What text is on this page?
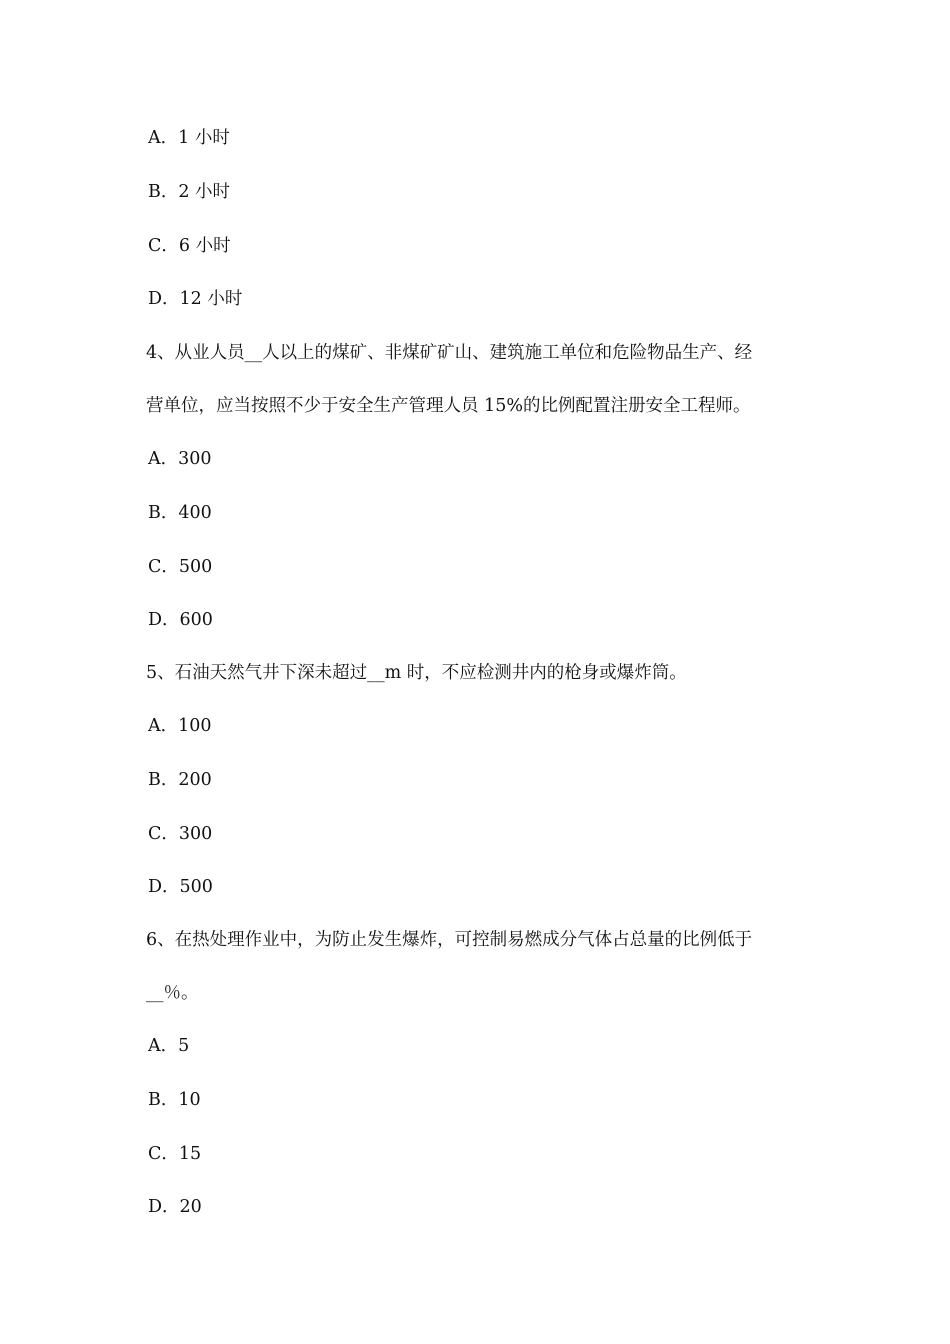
A．1 小时
B．2 小时
C．6 小时
D．12 小时
4、从业人员__人以上的煤矿、非煤矿矿山、建筑施工单位和危险物品生产、经
营单位，应当按照不少于安全生产管理人员 15%的比例配置注册安全工程师。
A．300
B．400
C．500
D．600
5、石油天然气井下深未超过__m 时，不应检测井内的枪身或爆炸筒。
A．100
B．200
C．300
D．500
6、在热处理作业中，为防止发生爆炸，可控制易燃成分气体占总量的比例低于
__％。
A．5
B．10
C．15
D．20
